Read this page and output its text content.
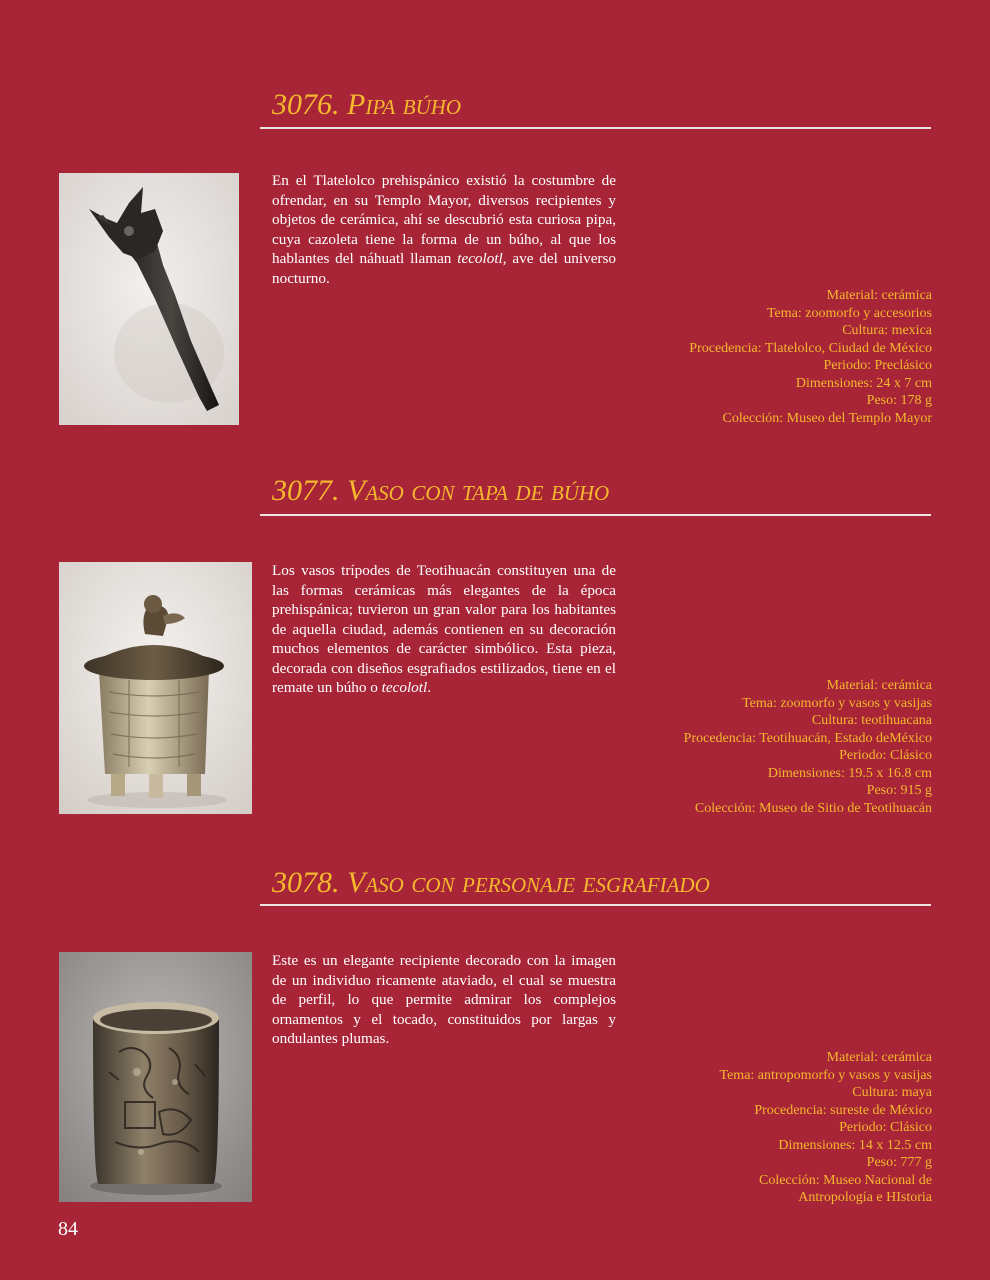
3076. Pipa búho
En el Tlatelolco prehispánico existió la costumbre de ofrendar, en su Templo Mayor, diversos recipientes y objetos de cerámica, ahí se descubrió esta curiosa pipa, cuya cazoleta tiene la forma de un búho, al que los hablantes del náhuatl llaman tecolotl, ave del universo nocturno.
Material: cerámica
Tema: zoomorfo y accesorios
Cultura: mexica
Procedencia: Tlatelolco, Ciudad de México
Periodo: Preclásico
Dimensiones: 24 x 7 cm
Peso: 178 g
Colección: Museo del Templo Mayor
3077. Vaso con tapa de búho
Los vasos trípodes de Teotihuacán constituyen una de las formas cerámicas más elegantes de la época prehispánica; tuvieron un gran valor para los habitantes de aquella ciudad, además contienen en su decoración muchos elementos de carácter simbólico. Esta pieza, decorada con diseños esgrafiados estilizados, tiene en el remate un búho o tecolotl.	Material: cerámica
Tema: zoomorfo y vasos y vasijas
Cultura: teotihuacana
Procedencia: Teotihuacán, Estado deMéxico
Periodo: Clásico
Dimensiones: 19.5 x 16.8 cm
Peso: 915 g
Colección: Museo de Sitio de Teotihuacán
3078. Vaso con personaje esgrafiado
Este es un elegante recipiente decorado con la imagen de un individuo ricamente ataviado, el cual se muestra de perfil, lo que permite admirar los complejos ornamentos y el tocado, constituidos por largas y ondulantes plumas.
Material: cerámica
Tema: antropomorfo y vasos y vasijas
Cultura: maya
Procedencia: sureste de México
Periodo: Clásico
Dimensiones: 14 x 12.5 cm
Peso: 777 g
Colección: Museo Nacional de
Antropología e HIstoria
84
